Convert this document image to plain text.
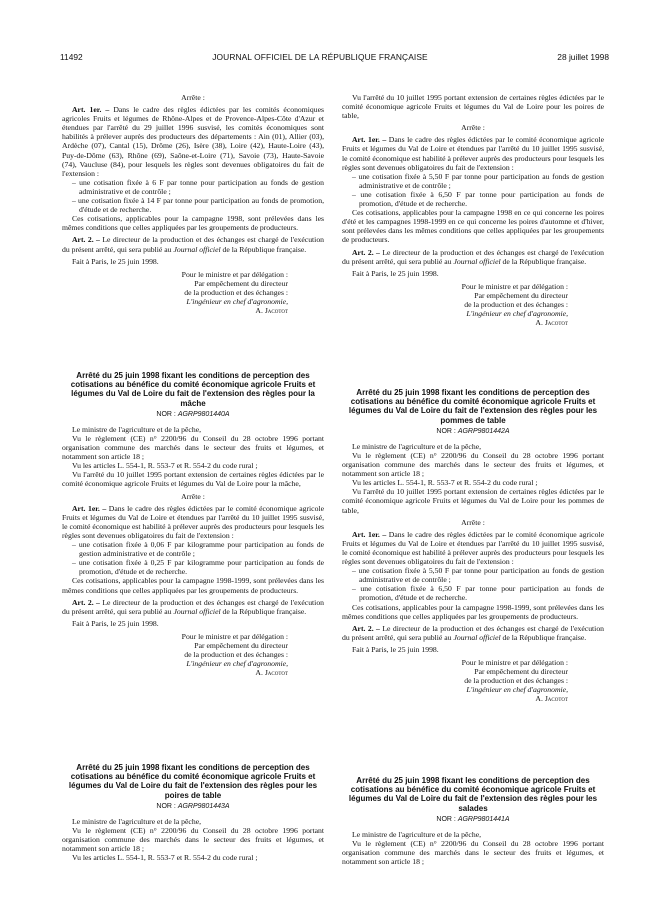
11492	JOURNAL OFFICIEL DE LA RÉPUBLIQUE FRANÇAISE	28 juillet 1998

Arrête :

Art. 1er. – Dans le cadre des règles édictées par les comités économiques agricoles Fruits et légumes de Rhône-Alpes et de Provence-Alpes-Côte d'Azur et étendues par l'arrêté du 29 juillet 1996 susvisé, les comités économiques sont habilités à prélever auprès des producteurs des départements : Ain (01), Allier (03), Ardèche (07), Cantal (15), Drôme (26), Isère (38), Loire (42), Haute-Loire (43), Puy-de-Dôme (63), Rhône (69), Saône-et-Loire (71), Savoie (73), Haute-Savoie (74), Vaucluse (84), pour lesquels les règles sont devenues obligatoires du fait de l'extension :

– une cotisation fixée à 6 F par tonne pour participation au fonds de gestion administrative et de contrôle ;

– une cotisation fixée à 14 F par tonne pour participation au fonds de promotion, d'étude et de recherche.

Ces cotisations, applicables pour la campagne 1998, sont prélevées dans les mêmes conditions que celles appliquées par les groupements de producteurs.

Art. 2. – Le directeur de la production et des échanges est chargé de l'exécution du présent arrêté, qui sera publié au Journal officiel de la République française.

Fait à Paris, le 25 juin 1998.

Pour le ministre et par délégation :
Par empêchement du directeur
de la production et des échanges :
L'ingénieur en chef d'agronomie,
A. Jacotot
Arrêté du 25 juin 1998 fixant les conditions de perception des cotisations au bénéfice du comité économique agricole Fruits et légumes du Val de Loire du fait de l'extension des règles pour la mâche
NOR : AGRP9801440A

Le ministre de l'agriculture et de la pêche,

Vu le règlement (CE) n° 2200/96 du Conseil du 28 octobre 1996 portant organisation commune des marchés dans le secteur des fruits et légumes, et notamment son article 18 ;

Vu les articles L. 554-1, R. 553-7 et R. 554-2 du code rural ;

Vu l'arrêté du 10 juillet 1995 portant extension de certaines règles édictées par le comité économique agricole Fruits et légumes du Val de Loire pour la mâche,

Arrête :

Art. 1er. – Dans le cadre des règles édictées par le comité économique agricole Fruits et légumes du Val de Loire et étendues par l'arrêté du 10 juillet 1995 susvisé, le comité économique est habilité à prélever auprès des producteurs pour lesquels les règles sont devenues obligatoires du fait de l'extension :

– une cotisation fixée à 0,06 F par kilogramme pour participation au fonds de gestion administrative et de contrôle ;

– une cotisation fixée à 0,25 F par kilogramme pour participation au fonds de promotion, d'étude et de recherche.

Ces cotisations, applicables pour la campagne 1998-1999, sont prélevées dans les mêmes conditions que celles appliquées par les groupements de producteurs.

Art. 2. – Le directeur de la production et des échanges est chargé de l'exécution du présent arrêté, qui sera publié au Journal officiel de la République française.

Fait à Paris, le 25 juin 1998.

Pour le ministre et par délégation :
Par empêchement du directeur
de la production et des échanges :
L'ingénieur en chef d'agronomie,
A. Jacotot
Arrêté du 25 juin 1998 fixant les conditions de perception des cotisations au bénéfice du comité économique agricole Fruits et légumes du Val de Loire du fait de l'extension des règles pour les poires de table
NOR : AGRP9801443A

Le ministre de l'agriculture et de la pêche,

Vu le règlement (CE) n° 2200/96 du Conseil du 28 octobre 1996 portant organisation commune des marchés dans le secteur des fruits et légumes, et notamment son article 18 ;

Vu les articles L. 554-1, R. 553-7 et R. 554-2 du code rural ;

Vu l'arrêté du 10 juillet 1995 portant extension de certaines règles édictées par le comité économique agricole Fruits et légumes du Val de Loire pour les poires de table,

Arrête :

Art. 1er. – Dans le cadre des règles édictées par le comité économique agricole Fruits et légumes du Val de Loire et étendues par l'arrêté du 10 juillet 1995 susvisé, le comité économique est habilité à prélever auprès des producteurs pour lesquels les règles sont devenues obligatoires du fait de l'extension :

– une cotisation fixée à 5,50 F par tonne pour participation au fonds de gestion administrative et de contrôle ;

– une cotisation fixée à 6,50 F par tonne pour participation au fonds de promotion, d'étude et de recherche.

Ces cotisations, applicables pour la campagne 1998 en ce qui concerne les poires d'été et les campagnes 1998-1999 en ce qui concerne les poires d'automne et d'hiver, sont prélevées dans les mêmes conditions que celles appliquées par les groupements de producteurs.

Art. 2. – Le directeur de la production et des échanges est chargé de l'exécution du présent arrêté, qui sera publié au Journal officiel de la République française.

Fait à Paris, le 25 juin 1998.

Pour le ministre et par délégation :
Par empêchement du directeur
de la production et des échanges :
L'ingénieur en chef d'agronomie,
A. Jacotot
Arrêté du 25 juin 1998 fixant les conditions de perception des cotisations au bénéfice du comité économique agricole Fruits et légumes du Val de Loire du fait de l'extension des règles pour les pommes de table
NOR : AGRP9801442A

Le ministre de l'agriculture et de la pêche,

Vu le règlement (CE) n° 2200/96 du Conseil du 28 octobre 1996 portant organisation commune des marchés dans le secteur des fruits et légumes, et notamment son article 18 ;

Vu les articles L. 554-1, R. 553-7 et R. 554-2 du code rural ;

Vu l'arrêté du 10 juillet 1995 portant extension de certaines règles édictées par le comité économique agricole Fruits et légumes du Val de Loire pour les pommes de table,

Arrête :

Art. 1er. – Dans le cadre des règles édictées par le comité économique agricole Fruits et légumes du Val de Loire et étendues par l'arrêté du 10 juillet 1995 susvisé, le comité économique est habilité à prélever auprès des producteurs pour lesquels les règles sont devenues obligatoires du fait de l'extension :

– une cotisation fixée à 5,50 F par tonne pour participation au fonds de gestion administrative et de contrôle ;

– une cotisation fixée à 6,50 F par tonne pour participation au fonds de promotion, d'étude et de recherche.

Ces cotisations, applicables pour la campagne 1998-1999, sont prélevées dans les mêmes conditions que celles appliquées par les groupements de producteurs.

Art. 2. – Le directeur de la production et des échanges est chargé de l'exécution du présent arrêté, qui sera publié au Journal officiel de la République française.

Fait à Paris, le 25 juin 1998.

Pour le ministre et par délégation :
Par empêchement du directeur
de la production et des échanges :
L'ingénieur en chef d'agronomie,
A. Jacotot
Arrêté du 25 juin 1998 fixant les conditions de perception des cotisations au bénéfice du comité économique agricole Fruits et légumes du Val de Loire du fait de l'extension des règles pour les salades
NOR : AGRP9801441A

Le ministre de l'agriculture et de la pêche,

Vu le règlement (CE) n° 2200/96 du Conseil du 28 octobre 1996 portant organisation commune des marchés dans le secteur des fruits et légumes, et notamment son article 18 ;
